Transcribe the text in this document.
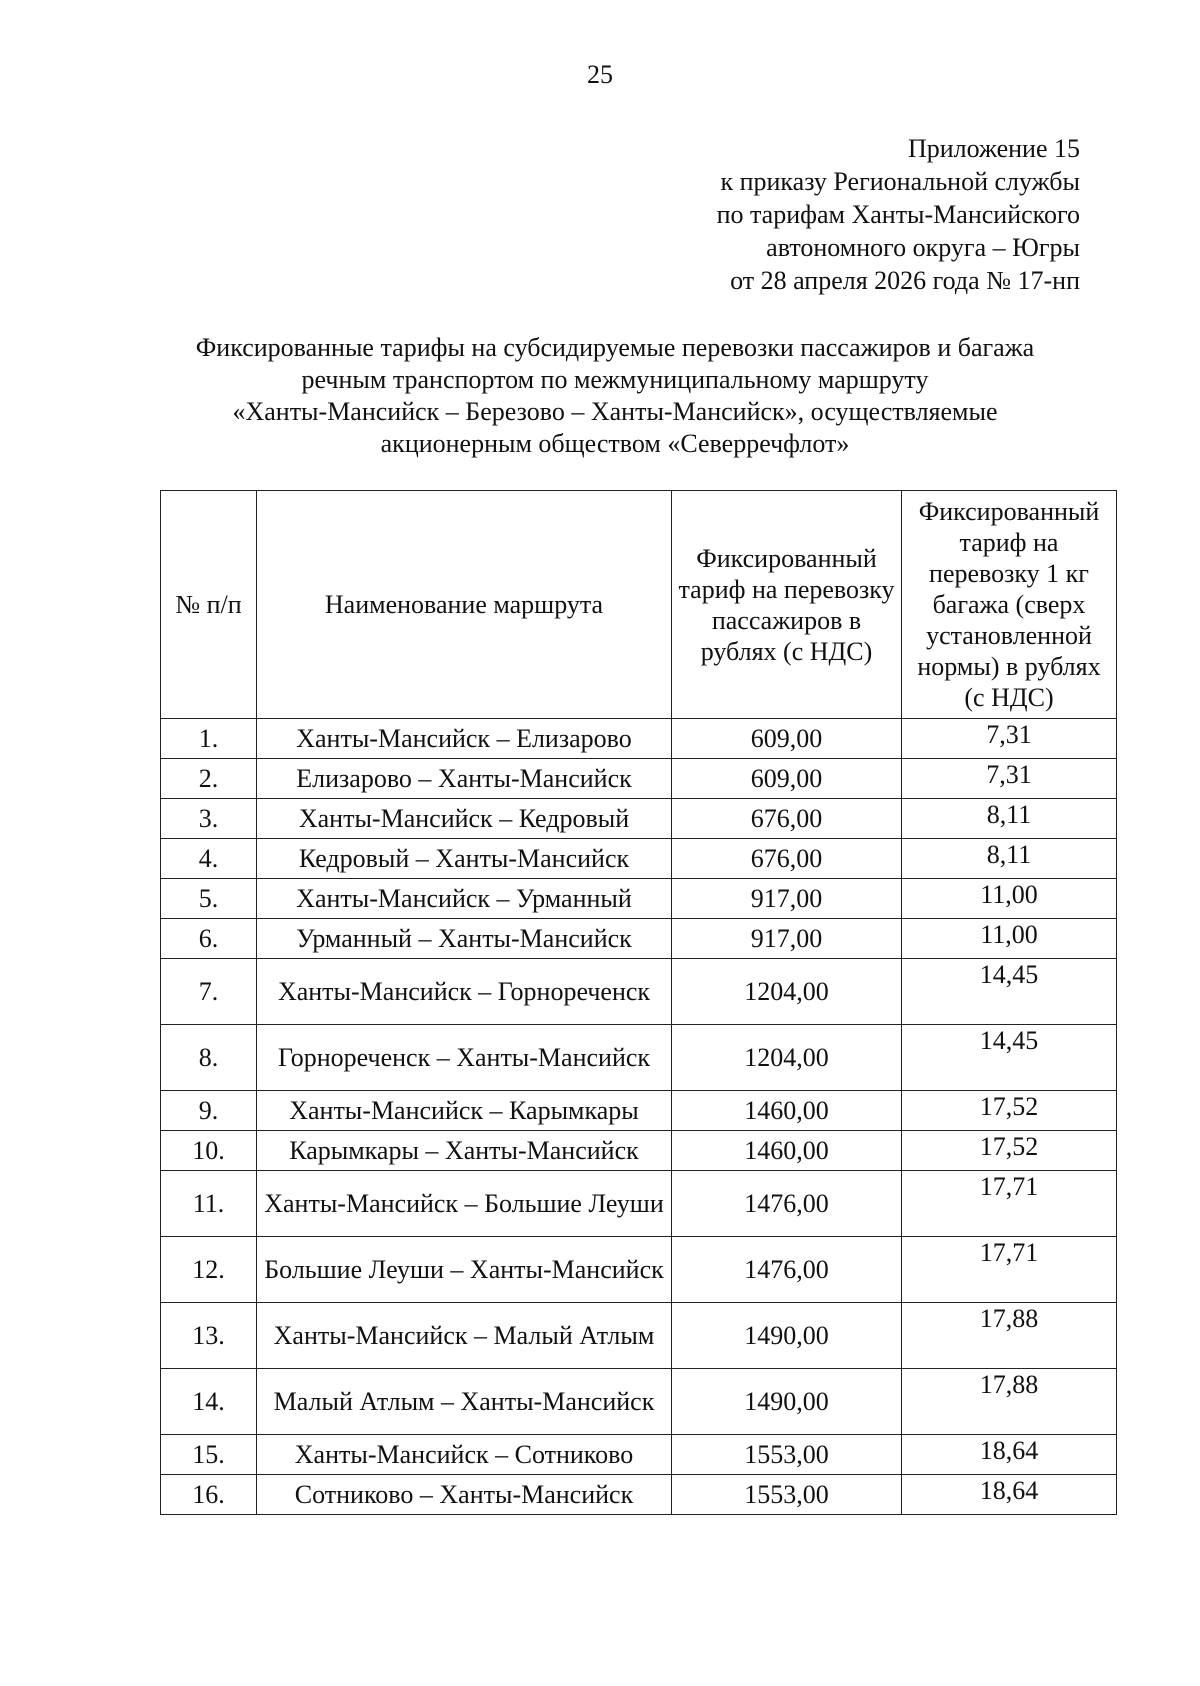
25
Приложение 15
к приказу Региональной службы
по тарифам Ханты-Мансийского
автономного округа – Югры
от 28 апреля 2026 года № 17-нп
Фиксированные тарифы на субсидируемые перевозки пассажиров и багажа
речным транспортом по межмуниципальному маршруту
«Ханты-Мансийск – Березово – Ханты-Мансийск», осуществляемые
акционерным обществом «Северречфлот»
№ п/п	Наименование маршрута	Фиксированный тариф на перевозку пассажиров в рублях (с НДС)	Фиксированный тариф на перевозку 1 кг багажа (сверх установленной нормы) в рублях (с НДС)
1.	Ханты-Мансийск – Елизарово	609,00	7,31
2.	Елизарово – Ханты-Мансийск	609,00	7,31
3.	Ханты-Мансийск – Кедровый	676,00	8,11
4.	Кедровый – Ханты-Мансийск	676,00	8,11
5.	Ханты-Мансийск – Урманный	917,00	11,00
6.	Урманный – Ханты-Мансийск	917,00	11,00
7.	Ханты-Мансийск – Горнореченск	1204,00	14,45
8.	Горнореченск – Ханты-Мансийск	1204,00	14,45
9.	Ханты-Мансийск – Карымкары	1460,00	17,52
10.	Карымкары – Ханты-Мансийск	1460,00	17,52
11.	Ханты-Мансийск – Большие Леуши	1476,00	17,71
12.	Большие Леуши – Ханты-Мансийск	1476,00	17,71
13.	Ханты-Мансийск – Малый Атлым	1490,00	17,88
14.	Малый Атлым – Ханты-Мансийск	1490,00	17,88
15.	Ханты-Мансийск – Сотниково	1553,00	18,64
16.	Сотниково – Ханты-Мансийск	1553,00	18,64
